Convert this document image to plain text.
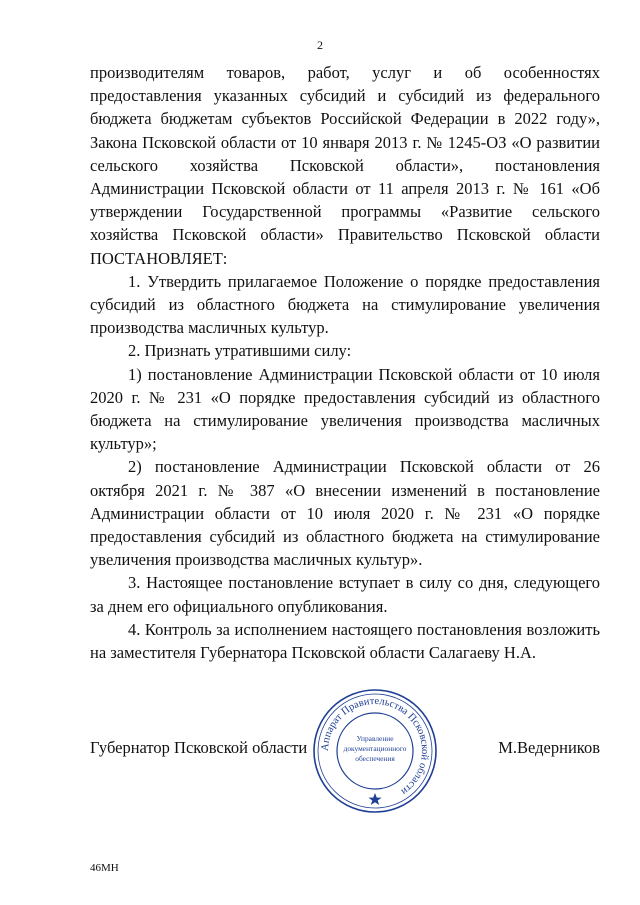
2

производителям товаров, работ, услуг и об особенностях предоставления указанных субсидий и субсидий из федерального бюджета бюджетам субъектов Российской Федерации в 2022 году», Закона Псковской области от 10 января 2013 г. № 1245-ОЗ «О развитии сельского хозяйства Псковской области», постановления Администрации Псковской области от 11 апреля 2013 г. № 161 «Об утверждении Государственной программы «Развитие сельского хозяйства Псковской области» Правительство Псковской области ПОСТАНОВЛЯЕТ:

1. Утвердить прилагаемое Положение о порядке предоставления субсидий из областного бюджета на стимулирование увеличения производства масличных культур.

2. Признать утратившими силу:

1) постановление Администрации Псковской области от 10 июля 2020 г. № 231 «О порядке предоставления субсидий из областного бюджета на стимулирование увеличения производства масличных культур»;

2) постановление Администрации Псковской области от 26 октября 2021 г. № 387 «О внесении изменений в постановление Администрации области от 10 июля 2020 г. № 231 «О порядке предоставления субсидий из областного бюджета на стимулирование увеличения производства масличных культур».

3. Настоящее постановление вступает в силу со дня, следующего за днем его официального опубликования.

4. Контроль за исполнением настоящего постановления возложить на заместителя Губернатора Псковской области Салагаеву Н.А.

Аппарат Правительства Псковской области
Управление
документационного
обеспечения
Губернатор Псковской области	М.Ведерников
46МН
